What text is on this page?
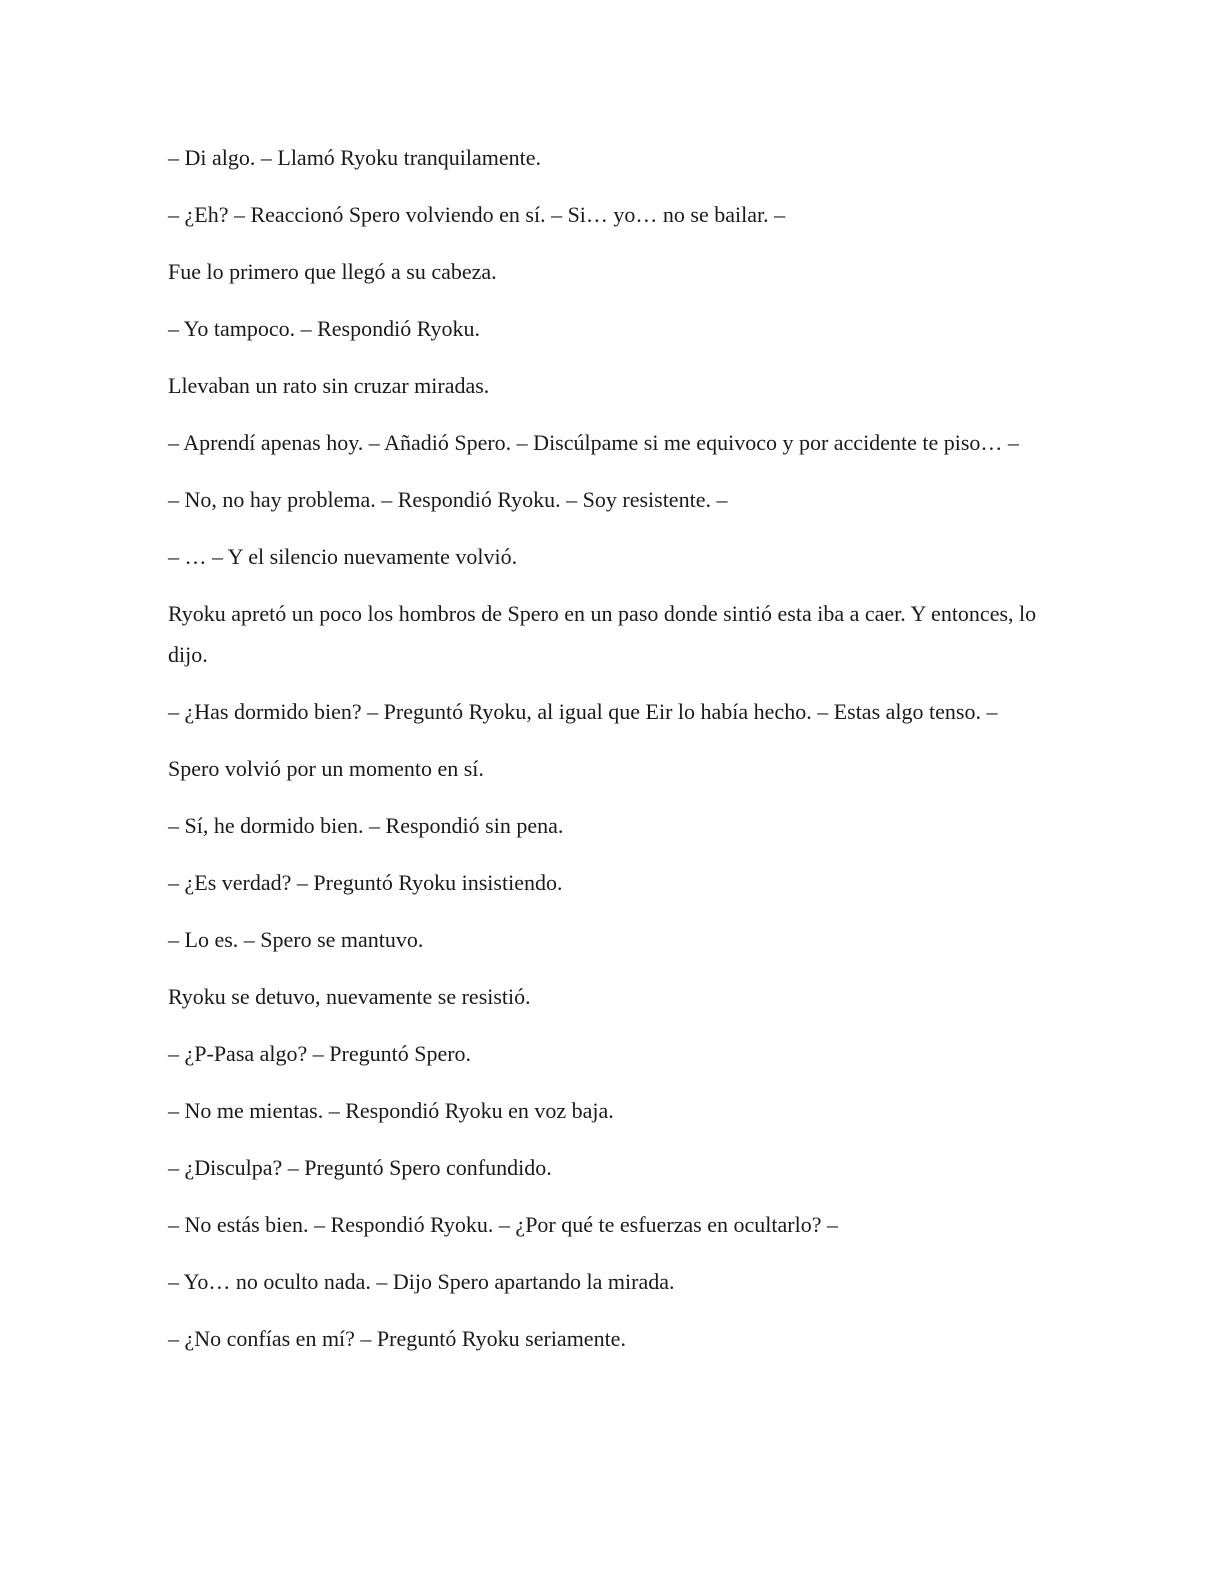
– Di algo. – Llamó Ryoku tranquilamente.

– ¿Eh? – Reaccionó Spero volviendo en sí. – Si… yo… no se bailar. –

Fue lo primero que llegó a su cabeza.

– Yo tampoco. – Respondió Ryoku.

Llevaban un rato sin cruzar miradas.

– Aprendí apenas hoy. – Añadió Spero. – Discúlpame si me equivoco y por accidente te piso… –

– No, no hay problema. – Respondió Ryoku. – Soy resistente. –

– … – Y el silencio nuevamente volvió.

Ryoku apretó un poco los hombros de Spero en un paso donde sintió esta iba a caer. Y entonces, lo dijo.

– ¿Has dormido bien? – Preguntó Ryoku, al igual que Eir lo había hecho. – Estas algo tenso. –

Spero volvió por un momento en sí.

– Sí, he dormido bien. – Respondió sin pena.

– ¿Es verdad? – Preguntó Ryoku insistiendo.

– Lo es. – Spero se mantuvo.

Ryoku se detuvo, nuevamente se resistió.

– ¿P-Pasa algo? – Preguntó Spero.

– No me mientas. – Respondió Ryoku en voz baja.

– ¿Disculpa? – Preguntó Spero confundido.

– No estás bien. – Respondió Ryoku. – ¿Por qué te esfuerzas en ocultarlo? –

– Yo… no oculto nada. – Dijo Spero apartando la mirada.

– ¿No confías en mí? – Preguntó Ryoku seriamente.
